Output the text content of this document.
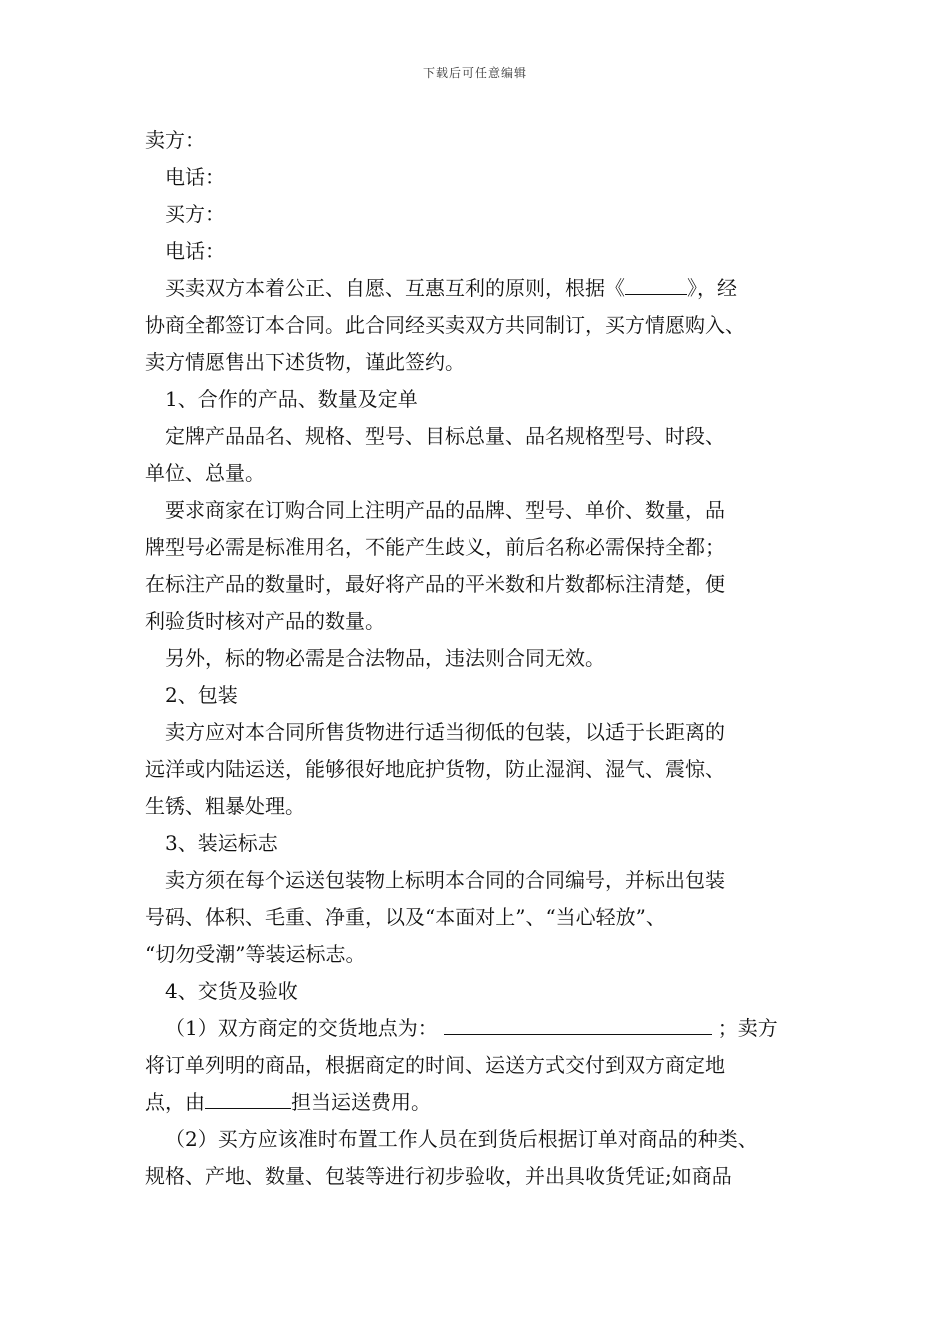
下载后可任意编辑
卖方：
电话：
买方：
电话：
买卖双方本着公正、自愿、互惠互利的原则，根据《	》，经
协商全都签订本合同。此合同经买卖双方共同制订，买方情愿购入、
卖方情愿售出下述货物，谨此签约。
1、合作的产品、数量及定单
定牌产品品名、规格、型号、目标总量、品名规格型号、时段、
单位、总量。
要求商家在订购合同上注明产品的品牌、型号、单价、数量，品
牌型号必需是标准用名，不能产生歧义，前后名称必需保持全都；
在标注产品的数量时，最好将产品的平米数和片数都标注清楚，便
利验货时核对产品的数量。
另外，标的物必需是合法物品，违法则合同无效。
2、包装
卖方应对本合同所售货物进行适当彻低的包装，以适于长距离的
远洋或内陆运送，能够很好地庇护货物，防止湿润、湿气、震惊、
生锈、粗暴处理。
3、装运标志
卖方须在每个运送包装物上标明本合同的合同编号，并标出包装
号码、体积、毛重、净重，以及“本面对上”、“当心轻放”、
“切勿受潮”等装运标志。
4、交货及验收
（1）双方商定的交货地点为：	；卖方
将订单列明的商品，根据商定的时间、运送方式交付到双方商定地
点，由	担当运送费用。
（2）买方应该准时布置工作人员在到货后根据订单对商品的种类、
规格、产地、数量、包装等进行初步验收，并出具收货凭证;如商品
